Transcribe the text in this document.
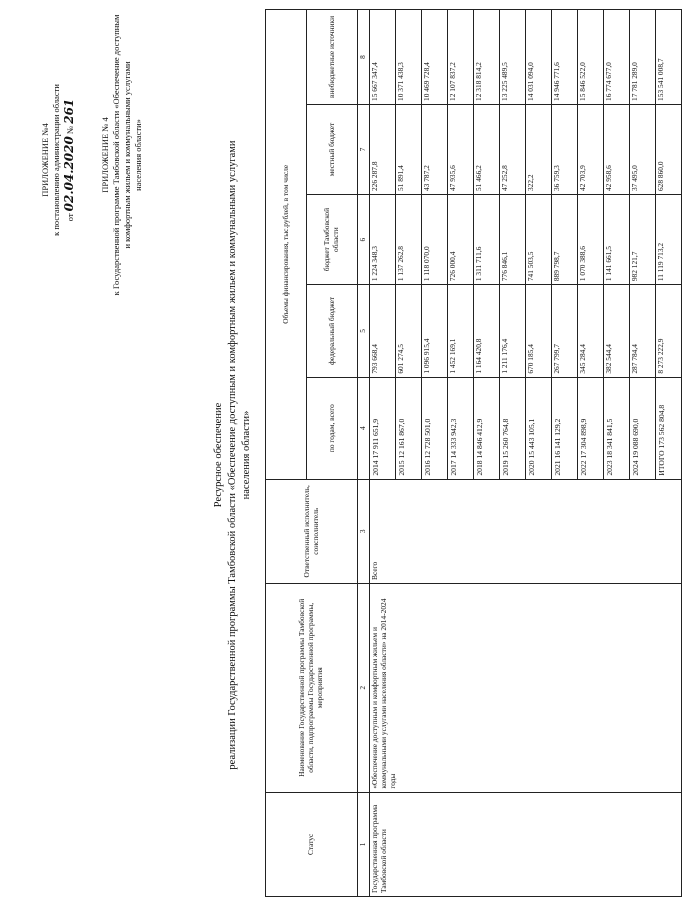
ПРИЛОЖЕНИЕ №4 к постановлению администрации области от 02.04.2020 № 261
ПРИЛОЖЕНИЕ № 4 к Государственной программе Тамбовской области «Обеспечение доступным и комфортным жильем и коммунальными услугами населения области»
Ресурсное обеспечение реализации Государственной программы Тамбовской области «Обеспечение доступным и комфортным жильем и коммунальными услугами населения области»
Статус	Наименование Государственной программы Тамбовской области, подпрограммы Государственной программы, мероприятия	Ответственный исполнитель, соисполнитель	Объемы финансирования, тыс.рублей, в том числе				
			по годам, всего	федеральный бюджет	бюджет Тамбовской области	местный бюджет	внебюджетные источники
1	2	3	4	5	6	7	8
Государственная программа Тамбовской области	«Обеспечение доступным и комфортным жильем и коммунальными услугами населения области» на 2014-2024 годы	Всего	2014 17 911 651,9	793 668,4	1 224 348,3	226 287,8	15 667 347,4
			2015 12 161 867,0	601 274,5	1 137 262,8	51 891,4	10 371 438,3
			2016 12 728 501,0	1 096 915,4	1 118 070,0	43 787,2	10 469 728,4
			2017 14 333 942,3	1 452 169,1	726 000,4	47 935,6	12 107 837,2
			2018 14 846 412,9	1 164 420,8	1 311 711,6	51 466,2	12 318 814,2
			2019 15 260 764,8	1 211 176,4	776 846,1	47 252,8	13 225 489,5
			2020 15 443 105,1	670 185,4	741 503,5	322,2	14 031 094,0
			2021 16 141 129,2	267 799,7	889 798,7	36 759,3	14 946 771,6
			2022 17 304 898,9	345 284,4	1 070 388,6	42 703,9	15 846 522,0
			2023 18 341 841,5	382 544,4	1 141 661,5	42 958,6	16 774 677,0
			2024 19 088 690,0	287 784,4	982 121,7	37 495,0	17 781 289,0
			ИТОГО 173 562 804,8	8 273 222,9	11 119 713,2	628 860,0	153 541 008,7
